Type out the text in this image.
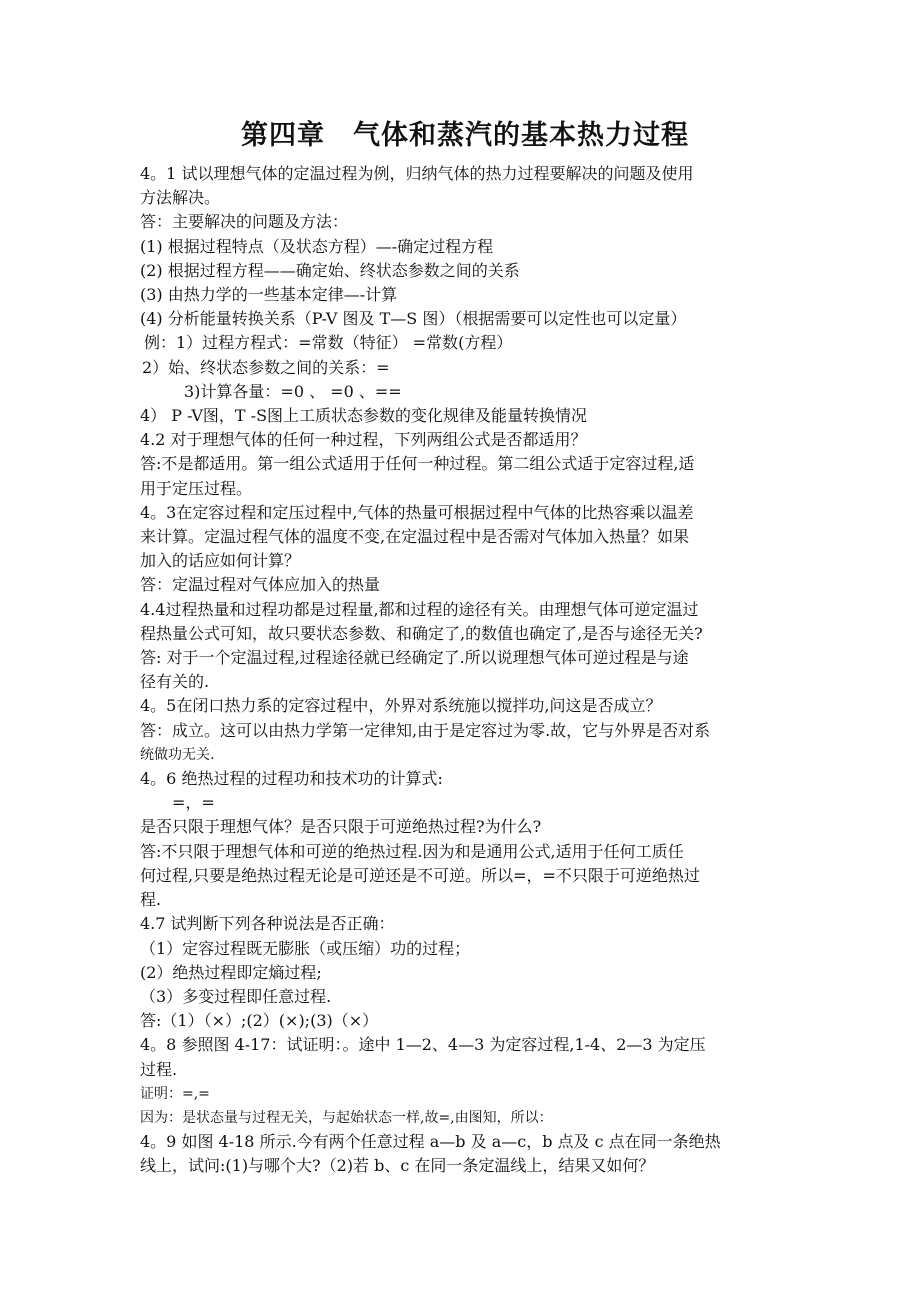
第四章　气体和蒸汽的基本热力过程

4。1 试以理想气体的定温过程为例，归纳气体的热力过程要解决的问题及使用

方法解决。

答：主要解决的问题及方法：

(1) 根据过程特点（及状态方程）—-确定过程方程

(2) 根据过程方程——确定始、终状态参数之间的关系

(3) 由热力学的一些基本定律—-计算

(4) 分析能量转换关系（P-V 图及 T—S 图）（根据需要可以定性也可以定量）

例：1）过程方程式：=常数（特征） =常数(方程）

2）始、终状态参数之间的关系：=

3)计算各量：=0 、 =0 、==

4） P -V图，T -S图上工质状态参数的变化规律及能量转换情况

4.2 对于理想气体的任何一种过程，下列两组公式是否都适用？

答:不是都适用。第一组公式适用于任何一种过程。第二组公式适于定容过程,适

用于定压过程。

4。3在定容过程和定压过程中,气体的热量可根据过程中气体的比热容乘以温差

来计算。定温过程气体的温度不变,在定温过程中是否需对气体加入热量？如果

加入的话应如何计算？

答：定温过程对气体应加入的热量

4.4过程热量和过程功都是过程量,都和过程的途径有关。由理想气体可逆定温过

程热量公式可知，故只要状态参数、和确定了,的数值也确定了,是否与途径无关?

答: 对于一个定温过程,过程途径就已经确定了.所以说理想气体可逆过程是与途

径有关的.

4。5在闭口热力系的定容过程中，外界对系统施以搅拌功,问这是否成立？

答：成立。这可以由热力学第一定律知,由于是定容过为零.故，它与外界是否对系

统做功无关.

4。6 绝热过程的过程功和技术功的计算式:

=，=

是否只限于理想气体？是否只限于可逆绝热过程?为什么?

答:不只限于理想气体和可逆的绝热过程.因为和是通用公式,适用于任何工质任

何过程,只要是绝热过程无论是可逆还是不可逆。所以=，=不只限于可逆绝热过

程.

4.7 试判断下列各种说法是否正确：

（1）定容过程既无膨胀（或压缩）功的过程；

(2）绝热过程即定熵过程;

（3）多变过程即任意过程.

答:（1）（×）;(2）(×);(3)（×）

4。8 参照图 4-17：试证明：。途中 1—2、4—3 为定容过程,1-4、2—3 为定压

过程.

证明：=,=

因为：是状态量与过程无关，与起始状态一样,故=,由图知，所以：

4。9 如图 4-18 所示.今有两个任意过程 a—b 及 a—c，b 点及 c 点在同一条绝热

线上，试问:(1)与哪个大?（2)若 b、c 在同一条定温线上，结果又如何？
